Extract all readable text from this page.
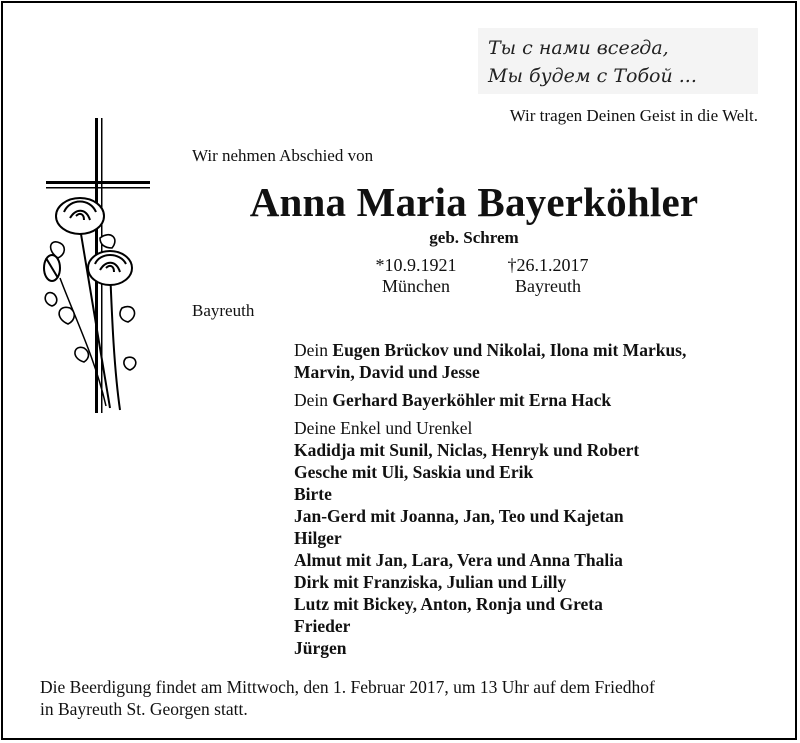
Ты с нами всегда,
Мы будем с Тобой ...
Wir tragen Deinen Geist in die Welt.
Wir nehmen Abschied von
Anna Maria Bayerköhler
geb. Schrem
*10.9.1921
München
†26.1.2017
Bayreuth
Bayreuth
Dein Eugen Brückov und Nikolai, Ilona mit Markus,
Marvin, David und Jesse
Dein Gerhard Bayerköhler mit Erna Hack
Deine Enkel und Urenkel
Kadidja mit Sunil, Niclas, Henryk und Robert
Gesche mit Uli, Saskia und Erik
Birte
Jan-Gerd mit Joanna, Jan, Teo und Kajetan
Hilger
Almut mit Jan, Lara, Vera und Anna Thalia
Dirk mit Franziska, Julian und Lilly
Lutz mit Bickey, Anton, Ronja und Greta
Frieder
Jürgen
Die Beerdigung findet am Mittwoch, den 1. Februar 2017, um 13 Uhr auf dem Friedhof
in Bayreuth St. Georgen statt.
